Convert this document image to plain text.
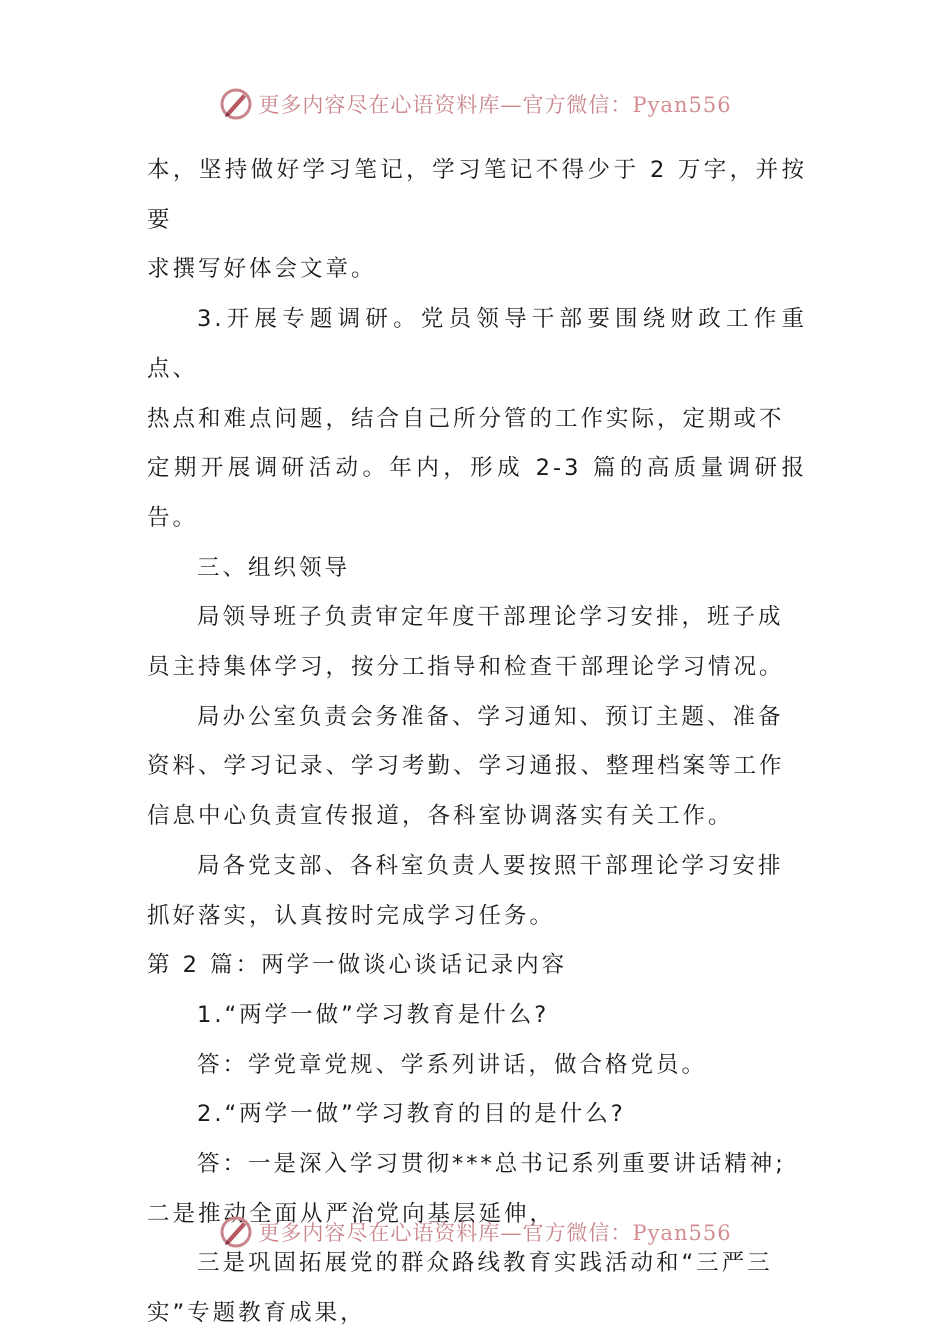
更多内容尽在心语资料库—官方微信：Pyan556

本，坚持做好学习笔记，学习笔记不得少于 2 万字，并按要

求撰写好体会文章。

3.开展专题调研。党员领导干部要围绕财政工作重点、

热点和难点问题，结合自己所分管的工作实际，定期或不

定期开展调研活动。年内，形成 2-3 篇的高质量调研报告。

三、组织领导

局领导班子负责审定年度干部理论学习安排，班子成

员主持集体学习，按分工指导和检查干部理论学习情况。

局办公室负责会务准备、学习通知、预订主题、准备

资料、学习记录、学习考勤、学习通报、整理档案等工作

信息中心负责宣传报道，各科室协调落实有关工作。

局各党支部、各科室负责人要按照干部理论学习安排

抓好落实，认真按时完成学习任务。

第 2 篇：两学一做谈心谈话记录内容

1.“两学一做”学习教育是什么?

答：学党章党规、学系列讲话，做合格党员。

2.“两学一做”学习教育的目的是什么?

答：一是深入学习贯彻***总书记系列重要讲话精神;

二是推动全面从严治党向基层延伸，

三是巩固拓展党的群众路线教育实践活动和“三严三

实”专题教育成果，

更多内容尽在心语资料库—官方微信：Pyan556
